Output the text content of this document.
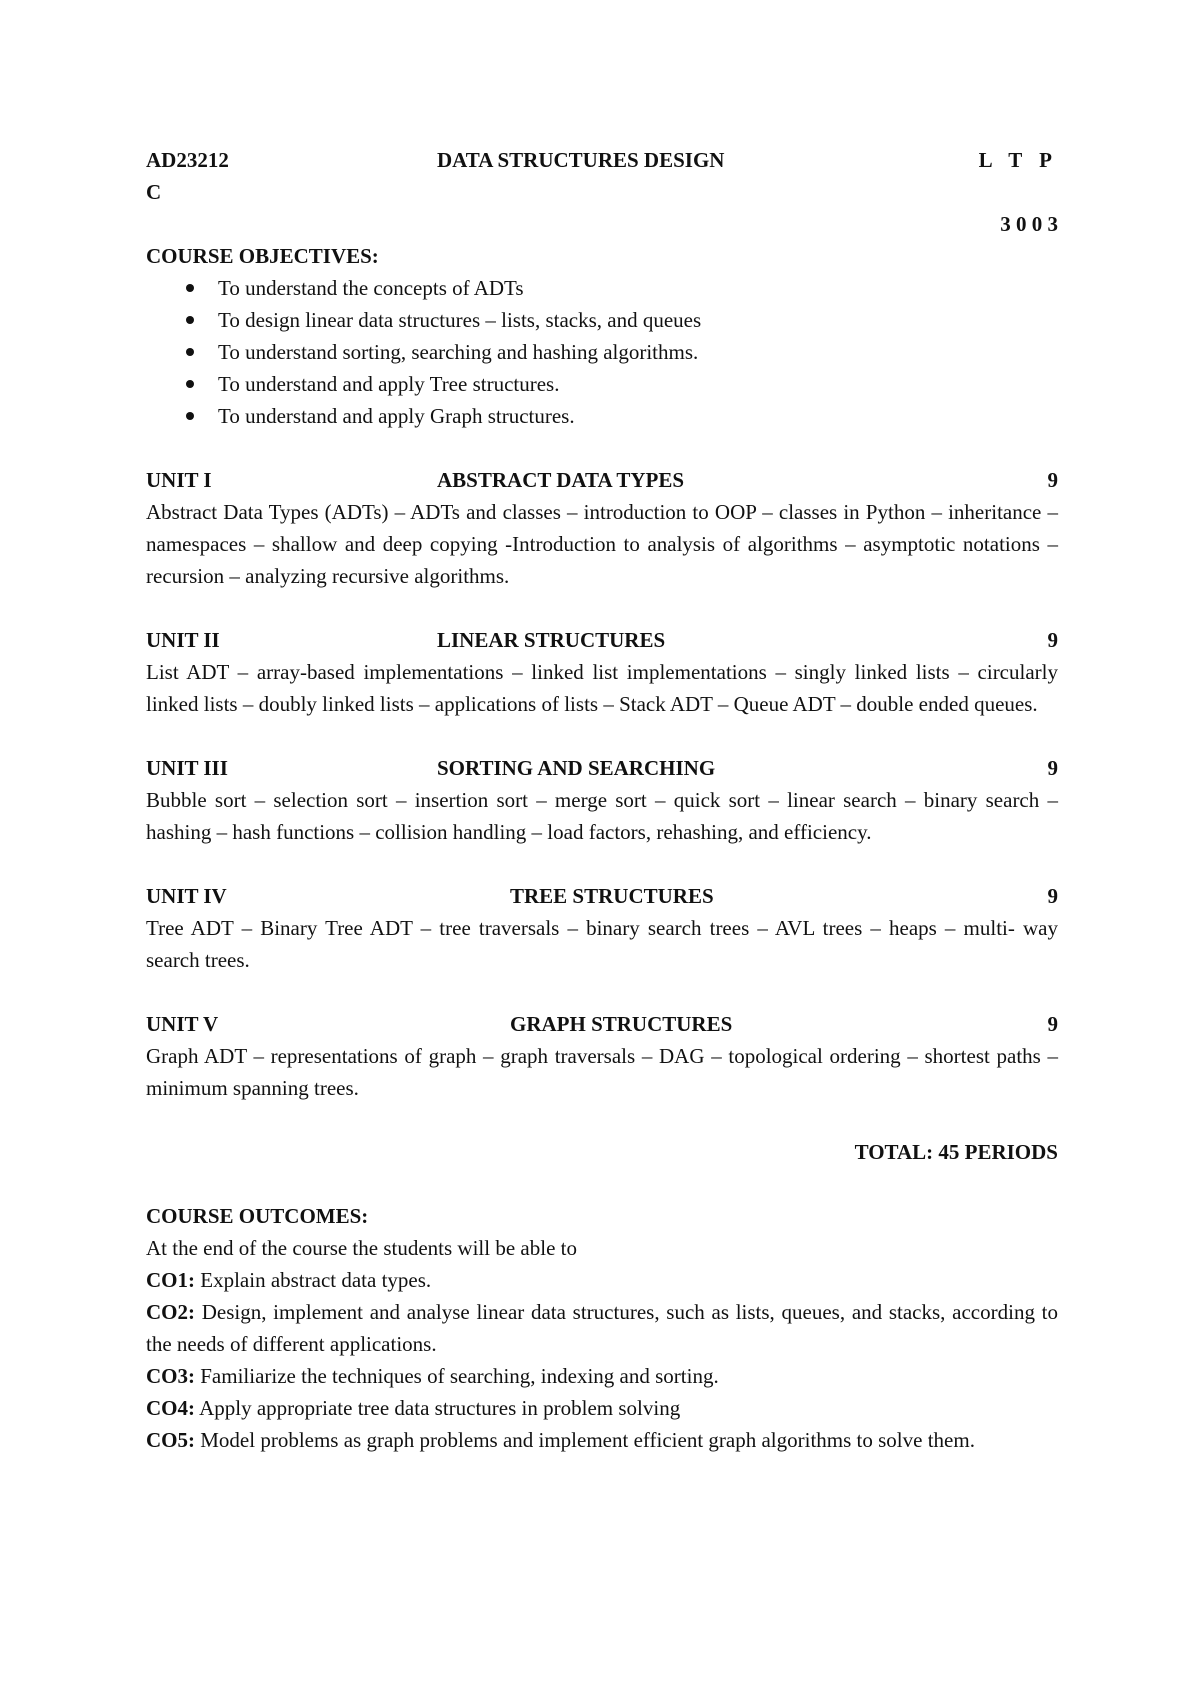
AD23212	DATA STRUCTURES DESIGN	L T P
C
3 0 0 3
COURSE OBJECTIVES:
To understand the concepts of ADTs
To design linear data structures – lists, stacks, and queues
To understand sorting, searching and hashing algorithms.
To understand and apply Tree structures.
To understand and apply Graph structures.
UNIT I	ABSTRACT DATA TYPES	9

Abstract Data Types (ADTs) – ADTs and classes – introduction to OOP – classes in Python – inheritance – namespaces – shallow and deep copying -Introduction to analysis of algorithms – asymptotic notations – recursion – analyzing recursive algorithms.

UNIT II	LINEAR STRUCTURES	9

List ADT – array-based implementations – linked list implementations – singly linked lists – circularly linked lists – doubly linked lists – applications of lists – Stack ADT – Queue ADT – double ended queues.

UNIT III	SORTING AND SEARCHING	9

Bubble sort – selection sort – insertion sort – merge sort – quick sort – linear search – binary search – hashing – hash functions – collision handling – load factors, rehashing, and efficiency.

UNIT IV	TREE STRUCTURES	9

Tree ADT – Binary Tree ADT – tree traversals – binary search trees – AVL trees – heaps – multi- way search trees.

UNIT V	GRAPH STRUCTURES	9

Graph ADT – representations of graph – graph traversals – DAG – topological ordering – shortest paths – minimum spanning trees.

TOTAL: 45 PERIODS
COURSE OUTCOMES:
At the end of the course the students will be able to

CO1: Explain abstract data types.

CO2: Design, implement and analyse linear data structures, such as lists, queues, and stacks, according to the needs of different applications.

CO3: Familiarize the techniques of searching, indexing and sorting.

CO4: Apply appropriate tree data structures in problem solving

CO5: Model problems as graph problems and implement efficient graph algorithms to solve them.
